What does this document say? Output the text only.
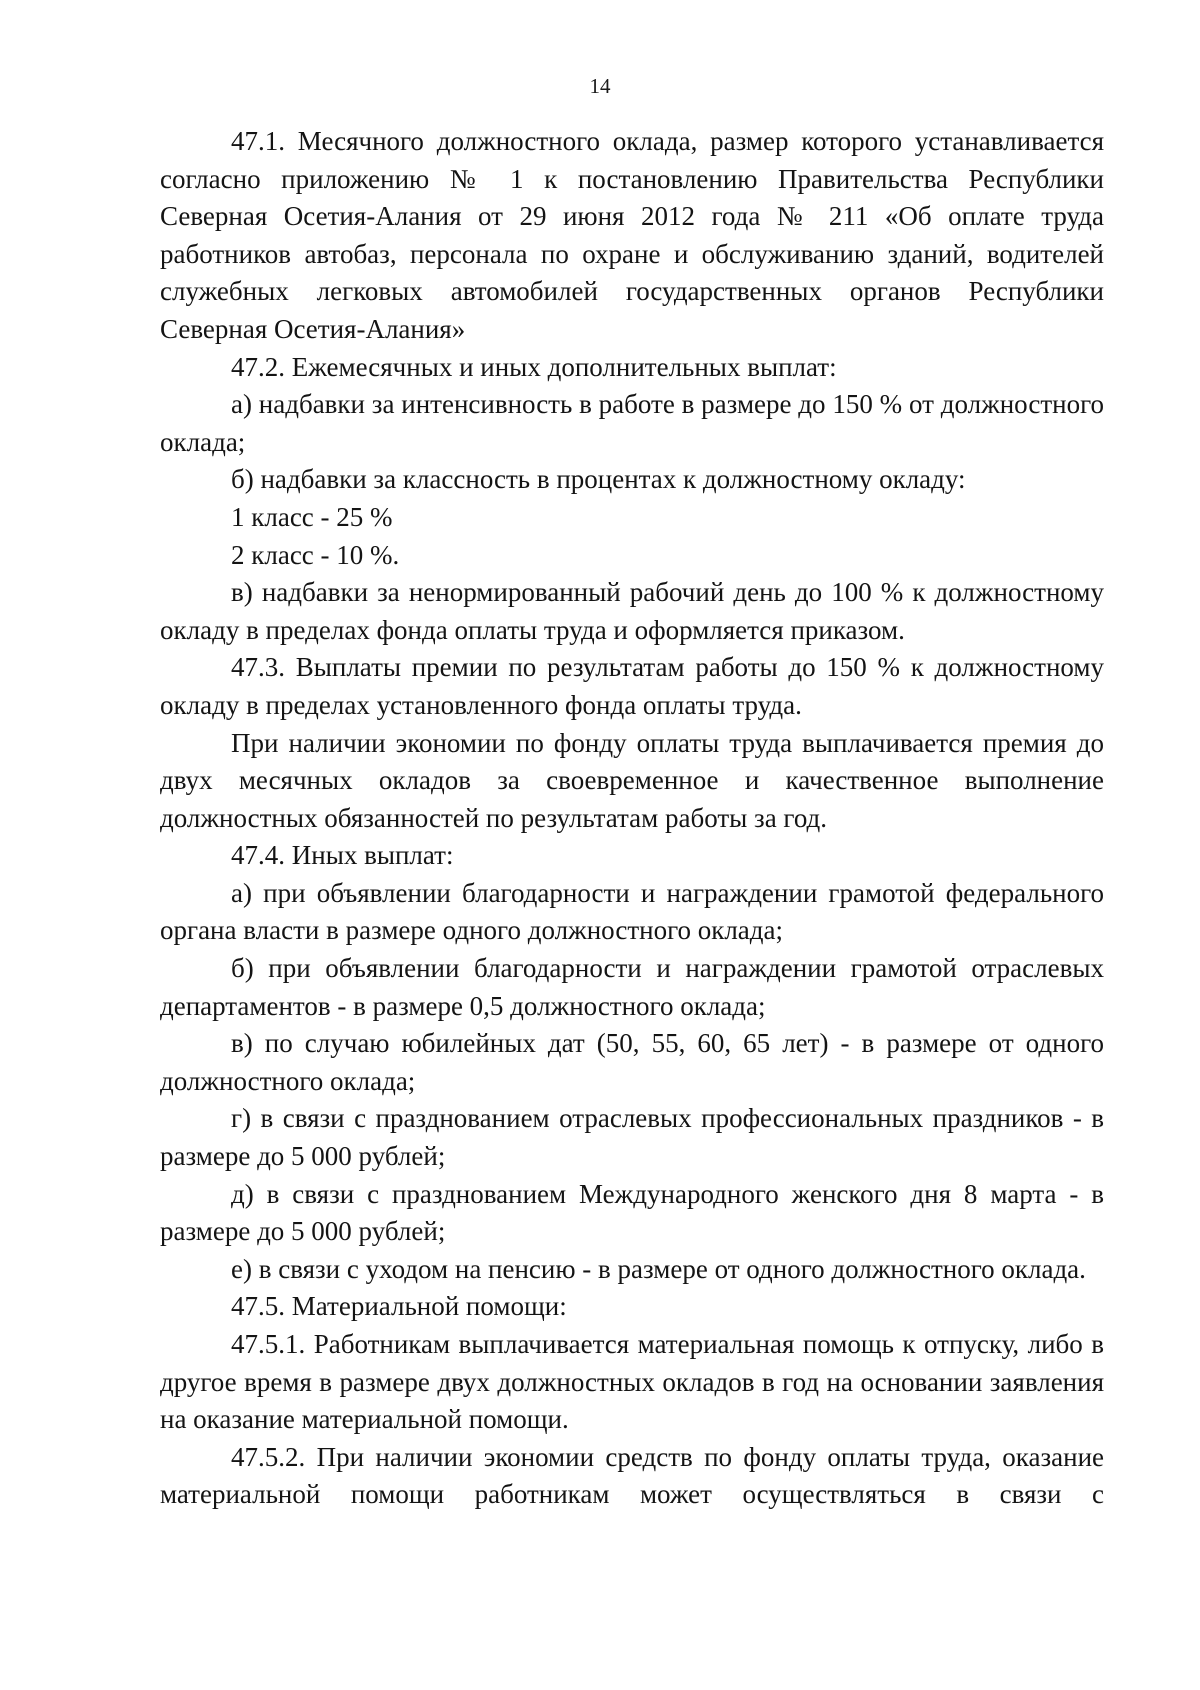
14

47.1. Месячного должностного оклада, размер которого устанавливается согласно приложению № 1 к постановлению Правительства Республики Северная Осетия-Алания от 29 июня 2012 года № 211 «Об оплате труда работников автобаз, персонала по охране и обслуживанию зданий, водителей служебных легковых автомобилей государственных органов Республики Северная Осетия-Алания»

47.2. Ежемесячных и иных дополнительных выплат:

а) надбавки за интенсивность в работе в размере до 150 % от должностного оклада;

б) надбавки за классность в процентах к должностному окладу:

1 класс - 25 %

2 класс - 10 %.

в) надбавки за ненормированный рабочий день до 100 % к должностному окладу в пределах фонда оплаты труда и оформляется приказом.

47.3. Выплаты премии по результатам работы до 150 % к должностному окладу в пределах установленного фонда оплаты труда.

При наличии экономии по фонду оплаты труда выплачивается премия до двух месячных окладов за своевременное и качественное выполнение должностных обязанностей по результатам работы за год.

47.4. Иных выплат:

а) при объявлении благодарности и награждении грамотой федерального органа власти в размере одного должностного оклада;

б) при объявлении благодарности и награждении грамотой отраслевых департаментов - в размере 0,5 должностного оклада;

в) по случаю юбилейных дат (50, 55, 60, 65 лет) - в размере от одного должностного оклада;

г) в связи с празднованием отраслевых профессиональных праздников - в размере до 5 000 рублей;

д) в связи с празднованием Международного женского дня 8 марта - в размере до 5 000 рублей;

е) в связи с уходом на пенсию - в размере от одного должностного оклада.

47.5. Материальной помощи:

47.5.1. Работникам выплачивается материальная помощь к отпуску, либо в другое время в размере двух должностных окладов в год на основании заявления на оказание материальной помощи.

47.5.2. При наличии экономии средств по фонду оплаты труда, оказание материальной помощи работникам может осуществляться в связи с
